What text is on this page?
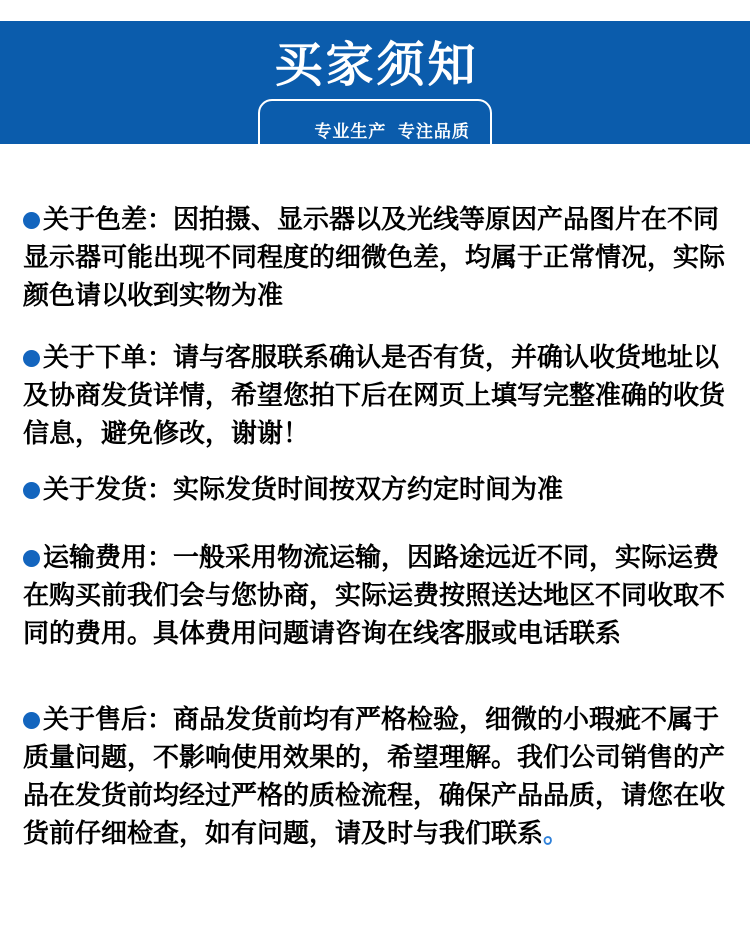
买家须知

专业生产  专注品质

关于色差：因拍摄、显示器以及光线等原因产品图片在不同
显示器可能出现不同程度的细微色差，均属于正常情况，实际
颜色请以收到实物为准
关于下单：请与客服联系确认是否有货，并确认收货地址以
及协商发货详情，希望您拍下后在网页上填写完整准确的收货
信息，避免修改，谢谢！
关于发货：实际发货时间按双方约定时间为准
运输费用：一般采用物流运输，因路途远近不同，实际运费
在购买前我们会与您协商，实际运费按照送达地区不同收取不
同的费用。具体费用问题请咨询在线客服或电话联系
关于售后：商品发货前均有严格检验，细微的小瑕疵不属于
质量问题，不影响使用效果的，希望理解。我们公司销售的产
品在发货前均经过严格的质检流程，确保产品品质，请您在收
货前仔细检查，如有问题，请及时与我们联系。
